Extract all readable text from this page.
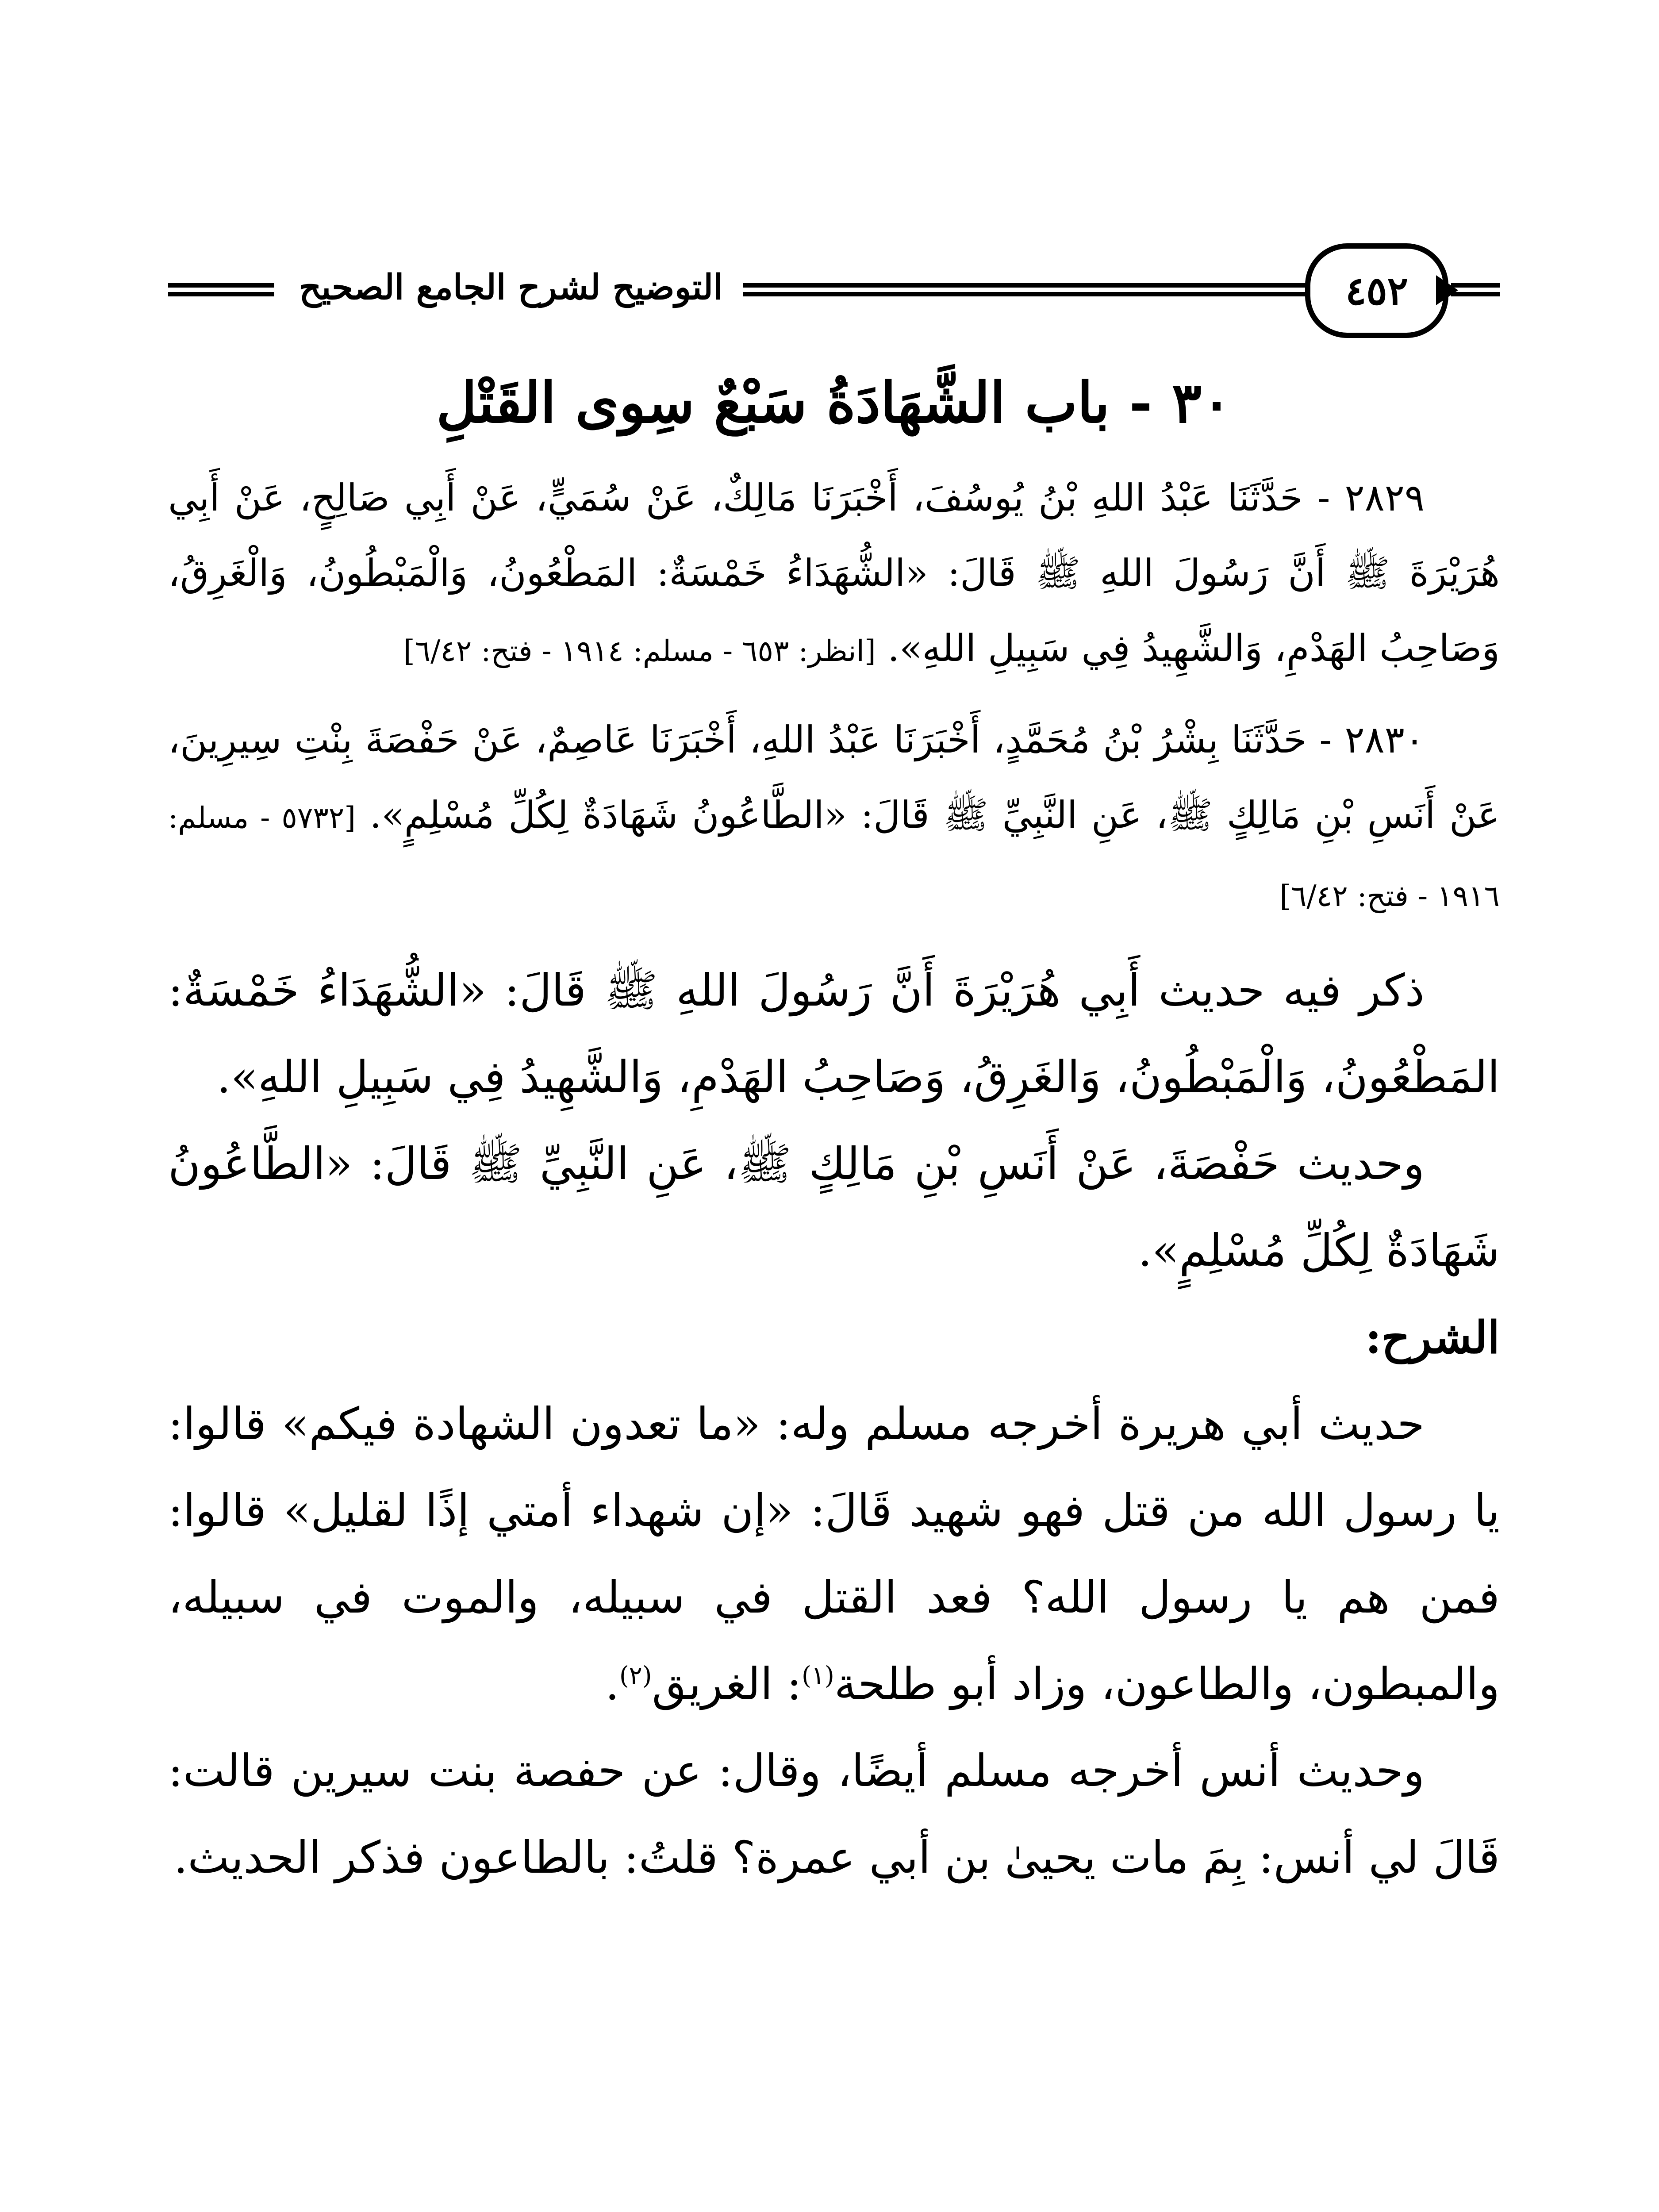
التوضيح لشرح الجامع الصحيح	٤٥٢
٣٠ - باب الشَّهَادَةُ سَبْعٌ سِوى القَتْلِ

٢٨٢٩ - حَدَّثَنَا عَبْدُ اللهِ بْنُ يُوسُفَ، أَخْبَرَنَا مَالِكٌ، عَنْ سُمَيٍّ، عَنْ أَبِي صَالِحٍ، عَنْ أَبِي هُرَيْرَةَ ﷺ أَنَّ رَسُولَ اللهِ ﷺ قَالَ: «الشُّهَدَاءُ خَمْسَةٌ: المَطْعُونُ، وَالْمَبْطُونُ، وَالْغَرِقُ، وَصَاحِبُ الهَدْمِ، وَالشَّهِيدُ فِي سَبِيلِ اللهِ». [انظر: ٦٥٣ - مسلم: ١٩١٤ - فتح: ٦/٤٢]

٢٨٣٠ - حَدَّثَنَا بِشْرُ بْنُ مُحَمَّدٍ، أَخْبَرَنَا عَبْدُ اللهِ، أَخْبَرَنَا عَاصِمٌ، عَنْ حَفْصَةَ بِنْتِ سِيرِينَ، عَنْ أَنَسِ بْنِ مَالِكٍ ﷺ، عَنِ النَّبِيِّ ﷺ قَالَ: «الطَّاعُونُ شَهَادَةٌ لِكُلِّ مُسْلِمٍ». [٥٧٣٢ - مسلم: ١٩١٦ - فتح: ٦/٤٢]

ذكر فيه حديث أَبِي هُرَيْرَةَ أَنَّ رَسُولَ اللهِ ﷺ قَالَ: «الشُّهَدَاءُ خَمْسَةٌ: المَطْعُونُ، وَالْمَبْطُونُ، وَالغَرِقُ، وَصَاحِبُ الهَدْمِ، وَالشَّهِيدُ فِي سَبِيلِ اللهِ».

وحديث حَفْصَةَ، عَنْ أَنَسِ بْنِ مَالِكٍ ﷺ، عَنِ النَّبِيِّ ﷺ قَالَ: «الطَّاعُونُ شَهَادَةٌ لِكُلِّ مُسْلِمٍ».

الشرح:

حديث أبي هريرة أخرجه مسلم وله: «ما تعدون الشهادة فيكم» قالوا: يا رسول الله من قتل فهو شهيد قَالَ: «إن شهداء أمتي إذًا لقليل» قالوا: فمن هم يا رسول الله؟ فعد القتل في سبيله، والموت في سبيله، والمبطون، والطاعون، وزاد أبو طلحة$^{(١)}$: الغريق$^{(٢)}$.

وحديث أنس أخرجه مسلم أيضًا، وقال: عن حفصة بنت سيرين قالت: قَالَ لي أنس: بِمَ مات يحيىٰ بن أبي عمرة؟ قلتُ: بالطاعون فذكر الحديث.
